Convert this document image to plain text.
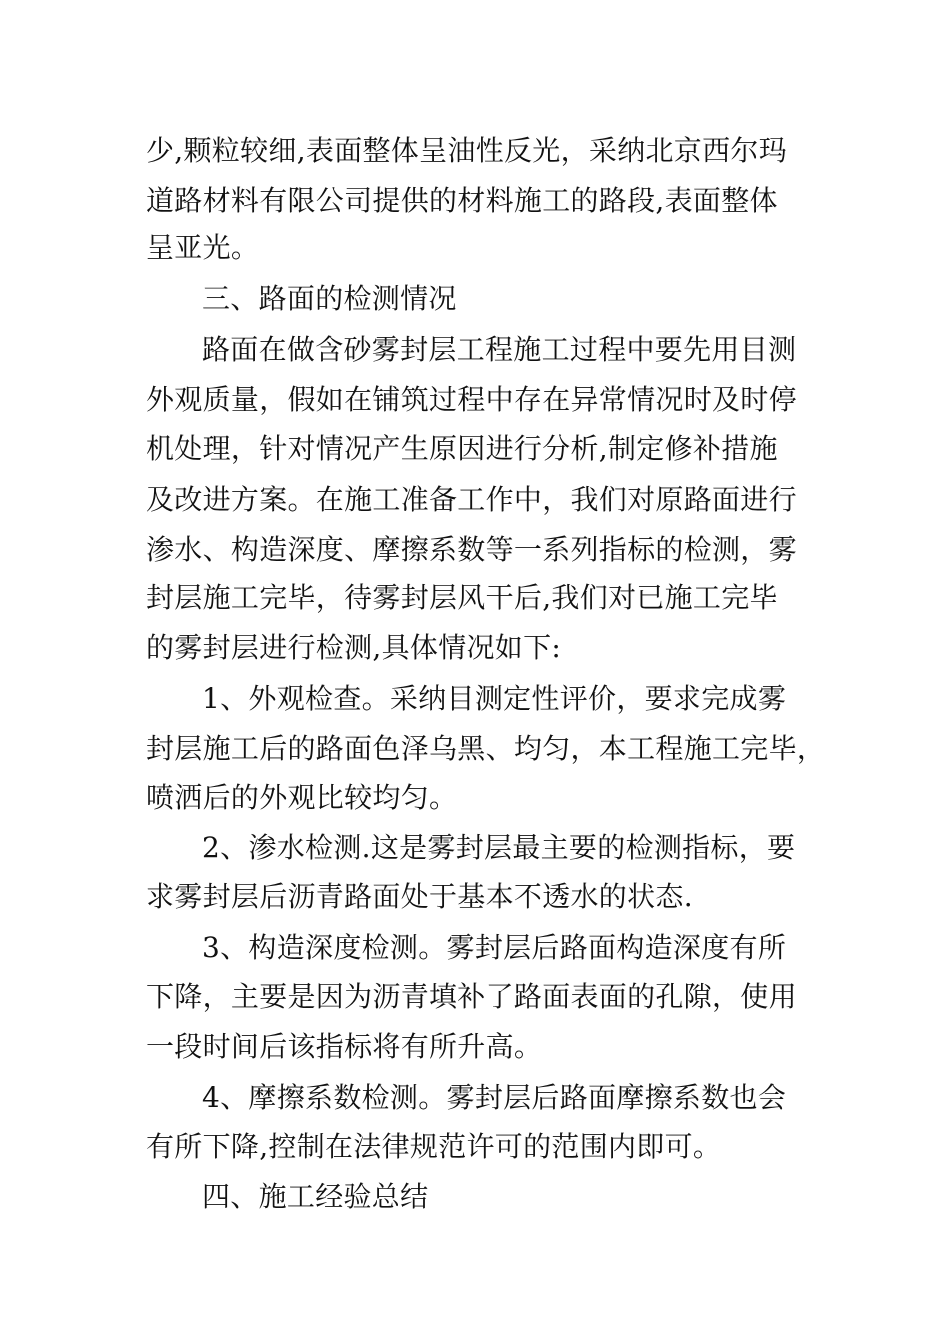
少,颗粒较细,表面整体呈油性反光，采纳北京西尔玛
道路材料有限公司提供的材料施工的路段,表面整体
呈亚光。
三、路面的检测情况
路面在做含砂雾封层工程施工过程中要先用目测
外观质量，假如在铺筑过程中存在异常情况时及时停
机处理，针对情况产生原因进行分析,制定修补措施
及改进方案。在施工准备工作中，我们对原路面进行
渗水、构造深度、摩擦系数等一系列指标的检测，雾
封层施工完毕，待雾封层风干后,我们对已施工完毕
的雾封层进行检测,具体情况如下:
1、外观检查。采纳目测定性评价，要求完成雾
封层施工后的路面色泽乌黑、均匀，本工程施工完毕，
喷洒后的外观比较均匀。
2、渗水检测.这是雾封层最主要的检测指标，要
求雾封层后沥青路面处于基本不透水的状态.
3、构造深度检测。雾封层后路面构造深度有所
下降，主要是因为沥青填补了路面表面的孔隙，使用
一段时间后该指标将有所升高。
4、摩擦系数检测。雾封层后路面摩擦系数也会
有所下降,控制在法律规范许可的范围内即可。
四、施工经验总结
